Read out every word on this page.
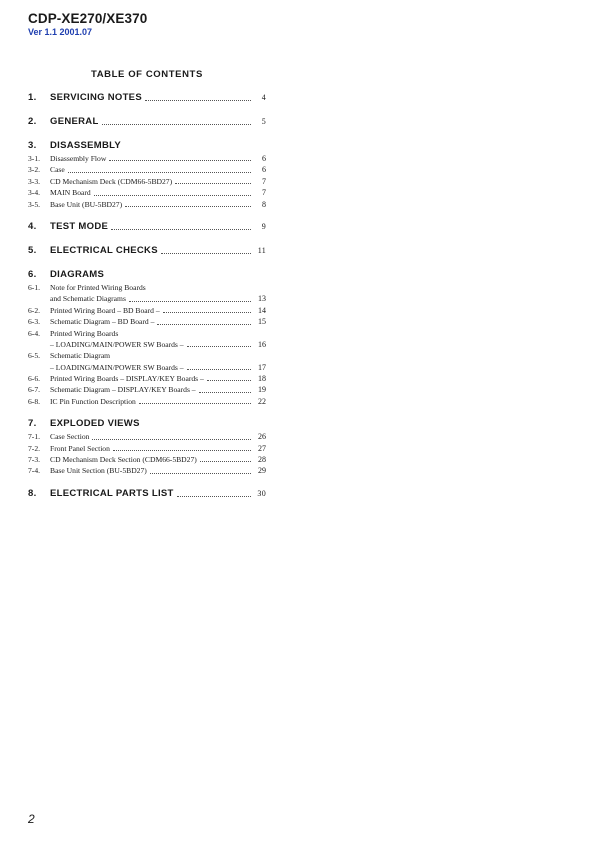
CDP-XE270/XE370
Ver 1.1 2001.07
TABLE OF CONTENTS
1.	SERVICING NOTES	4
2.	GENERAL	5
3.	DISASSEMBLY
3-1.	Disassembly Flow	6
3-2.	Case	6
3-3.	CD Mechanism Deck (CDM66-5BD27)	7
3-4.	MAIN Board	7
3-5.	Base Unit (BU-5BD27)	8
4.	TEST MODE	9
5.	ELECTRICAL CHECKS	11
6.	DIAGRAMS
6-1.	Note for Printed Wiring Boards
and Schematic Diagrams	13
6-2.	Printed Wiring Board – BD Board –	14
6-3.	Schematic Diagram – BD Board –	15
6-4.	Printed Wiring Boards
– LOADING/MAIN/POWER SW Boards –	16
6-5.	Schematic Diagram
– LOADING/MAIN/POWER SW Boards –	17
6-6.	Printed Wiring Boards – DISPLAY/KEY Boards –	18
6-7.	Schematic Diagram – DISPLAY/KEY Boards –	19
6-8.	IC Pin Function Description	22
7.	EXPLODED VIEWS
7-1.	Case Section	26
7-2.	Front Panel Section	27
7-3.	CD Mechanism Deck Section (CDM66-5BD27)	28
7-4.	Base Unit Section (BU-5BD27)	29
8.	ELECTRICAL PARTS LIST	30
2
